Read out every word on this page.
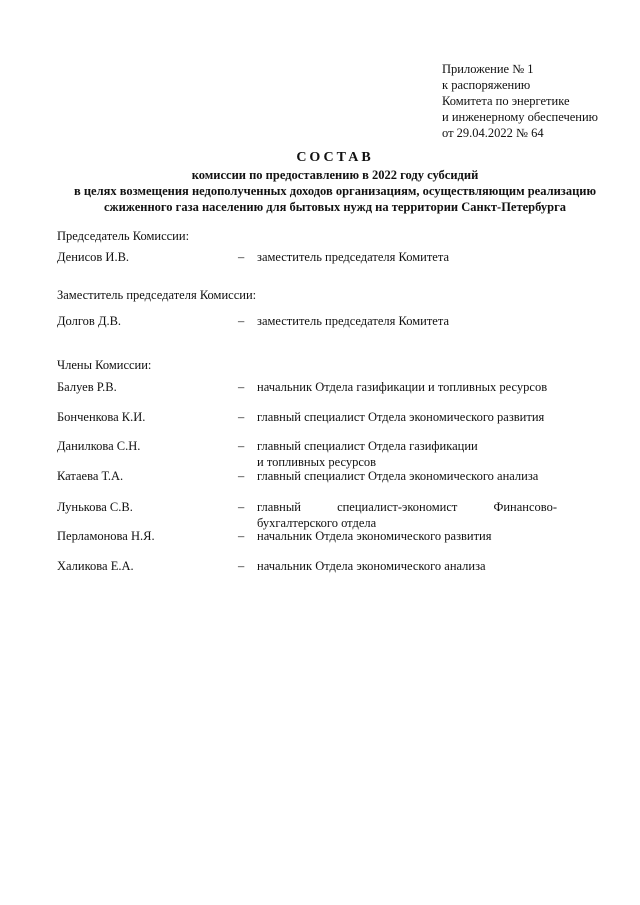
Приложение № 1
к распоряжению
Комитета по энергетике
и инженерному обеспечению
от 29.04.2022 № 64
СОСТАВ
комиссии по предоставлению в 2022 году субсидий
в целях возмещения недополученных доходов организациям, осуществляющим реализацию
сжиженного газа населению для бытовых нужд на территории Санкт-Петербурга
Председатель Комиссии:
Денисов И.В.	– заместитель председателя Комитета
Заместитель председателя Комиссии:
Долгов Д.В.	– заместитель председателя Комитета
Члены Комиссии:
Балуев Р.В.	– начальник Отдела газификации и топливных ресурсов
Бонченкова К.И.	– главный специалист Отдела экономического развития
Данилкова С.Н.	– главный специалист Отдела газификации
и топливных ресурсов
Катаева Т.А.	– главный специалист Отдела экономического анализа
Лунькова С.В.	– главный специалист-экономист Финансово-
бухгалтерского отдела
Перламонова Н.Я.	– начальник Отдела экономического развития
Халикова Е.А.	– начальник Отдела экономического анализа
